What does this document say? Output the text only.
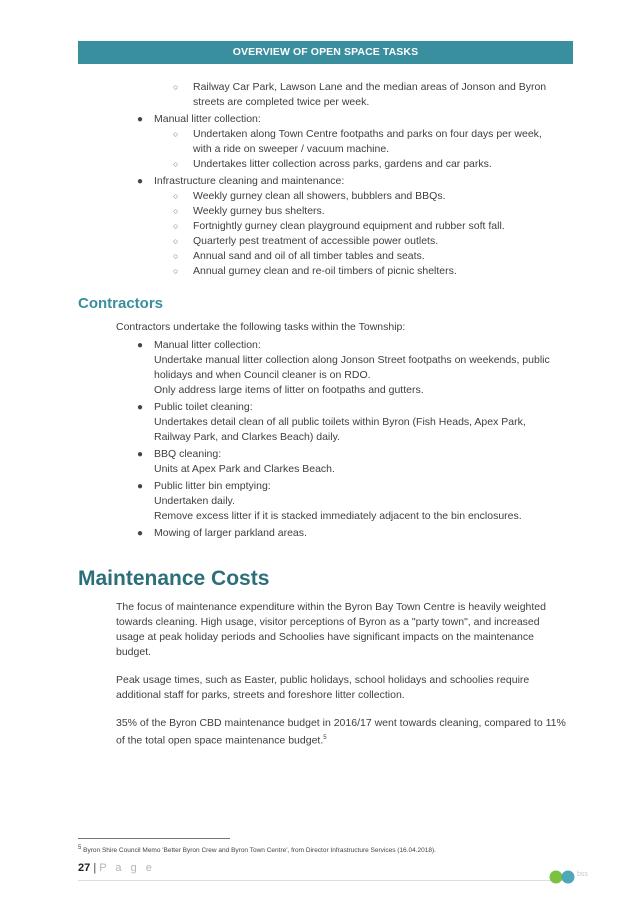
OVERVIEW OF OPEN SPACE TASKS
○ Railway Car Park, Lawson Lane and the median areas of Jonson and Byron
streets are completed twice per week.
● Manual litter collection:
○ Undertaken along Town Centre footpaths and parks on four days per week,
with a ride on sweeper / vacuum machine.
○ Undertakes litter collection across parks, gardens and car parks.
● Infrastructure cleaning and maintenance:
○ Weekly gurney clean all showers, bubblers and BBQs.
○ Weekly gurney bus shelters.
○ Fortnightly gurney clean playground equipment and rubber soft fall.
○ Quarterly pest treatment of accessible power outlets.
○ Annual sand and oil of all timber tables and seats.
○ Annual gurney clean and re-oil timbers of picnic shelters.
Contractors
Contractors undertake the following tasks within the Township:
● Manual litter collection:
Undertake manual litter collection along Jonson Street footpaths on weekends, public
holidays and when Council cleaner is on RDO.
Only address large items of litter on footpaths and gutters.
● Public toilet cleaning:
Undertakes detail clean of all public toilets within Byron (Fish Heads, Apex Park,
Railway Park, and Clarkes Beach) daily.
● BBQ cleaning:
Units at Apex Park and Clarkes Beach.
● Public litter bin emptying:
Undertaken daily.
Remove excess litter if it is stacked immediately adjacent to the bin enclosures.
● Mowing of larger parkland areas.
Maintenance Costs
The focus of maintenance expenditure within the Byron Bay Town Centre is heavily weighted
towards cleaning. High usage, visitor perceptions of Byron as a "party town", and increased
usage at peak holiday periods and Schoolies have significant impacts on the maintenance
budget.
Peak usage times, such as Easter, public holidays, school holidays and schoolies require
additional staff for parks, streets and foreshore litter collection.
35% of the Byron CBD maintenance budget in 2016/17 went towards cleaning, compared to 11%
of the total open space maintenance budget.$^5$
$^5$ Byron Shire Council Memo 'Better Byron Crew and Byron Town Centre', from Director Infrastructure Services (16.04.2018).
27 | P a g e
bss
